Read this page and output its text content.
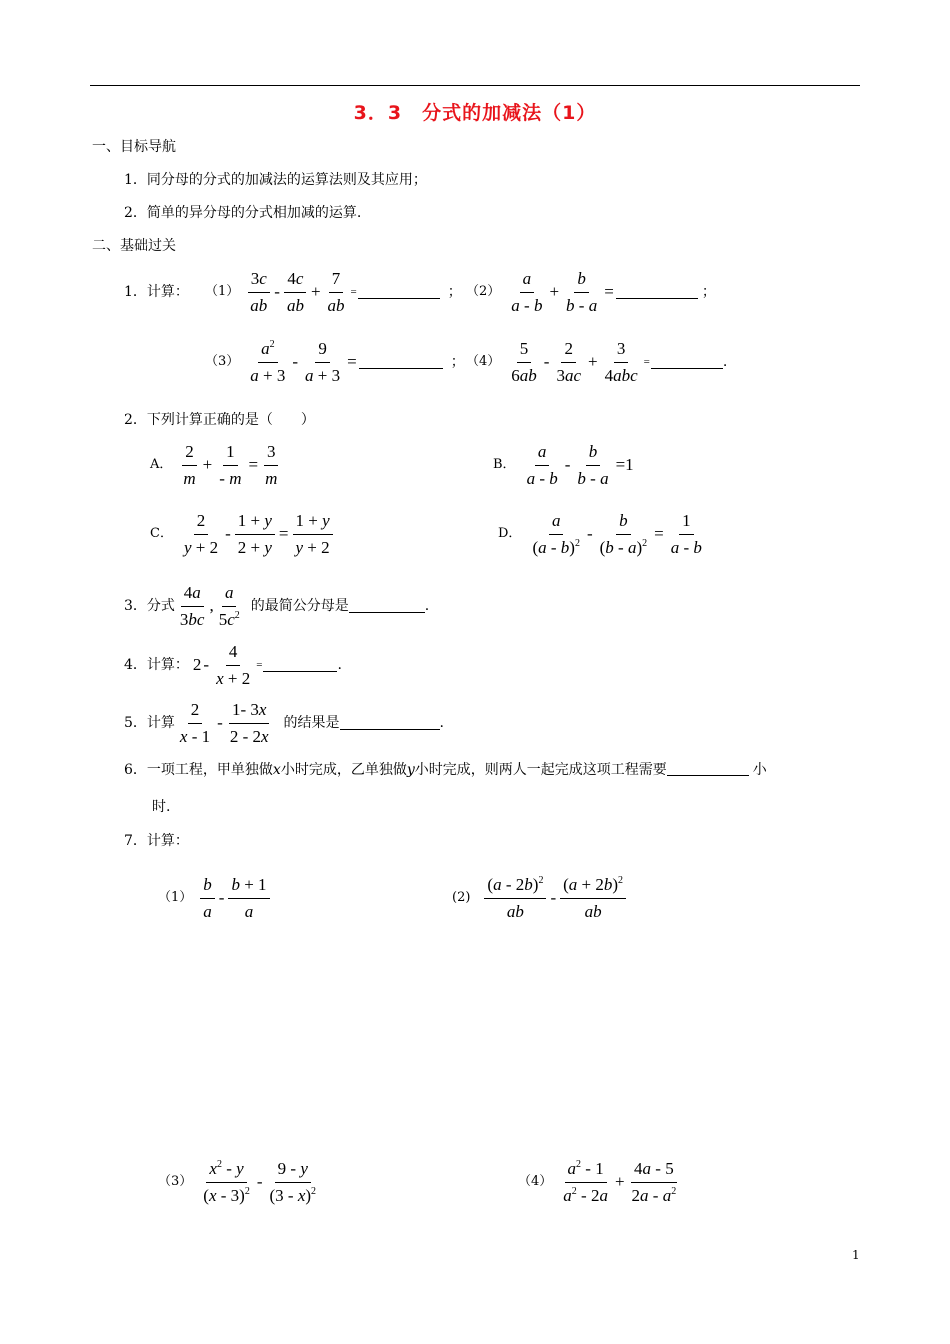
3．3　分式的加减法（1）
一、目标导航
1．同分母的分式的加减法的运算法则及其应用；
2．简单的异分母的分式相加减的运算.
二、基础过关
1．计算： $(1) \frac{3c}{ab} - \frac{4c}{ab} + \frac{7}{ab}$ =	； $(2) \frac{a}{a - b} + \frac{b}{b - a}$ =	；
$(3) \frac{a^2}{a + 3} - \frac{9}{a + 3}$ =	； $(4) \frac{5}{6ab} - \frac{2}{3ac} + \frac{3}{\text{4abc}}$ =	.
2．下列计算正确的是（　　）
A． $\frac{2}{m} + \frac{1}{- m} = \frac{3}{m}$	B． $\frac{a}{a - b} - \frac{b}{b - a} =1$
C． $\frac{2}{y + 2} - \frac{1 + y}{2 + y} = \frac{1 + y}{y + 2}$	D． $\frac{a}{(a - b)^2} - \frac{b}{(b - a)^2} = \frac{1}{a - b}$
3．分式 $\frac{4a}{3bc}$ , $\frac{a}{5c^2}$ 的最简公分母是	.
4．计算： $2 - \frac{4}{x + 2}$ =	.
5．计算 $\frac{2}{x - 1} - \frac{1- 3x}{2 - 2x}$ 的结果是	.
6．一项工程，甲单独做x小时完成，乙单独做y小时完成，则两人一起完成这项工程需要	小
时.
7．计算：
$(1) \frac{b}{a} - \frac{b + 1}{a}$	$(2) \frac{(a - 2b)^2}{ab} - \frac{(a + 2b)^2}{ab}$
$(3) \frac{x^2 - y}{(x - 3)^2} - \frac{9 - y}{(3 - x)^2}$	$(4) \frac{a^2 - 1}{a^2 - 2a} + \frac{4a - 5}{2a - a^2}$
1
